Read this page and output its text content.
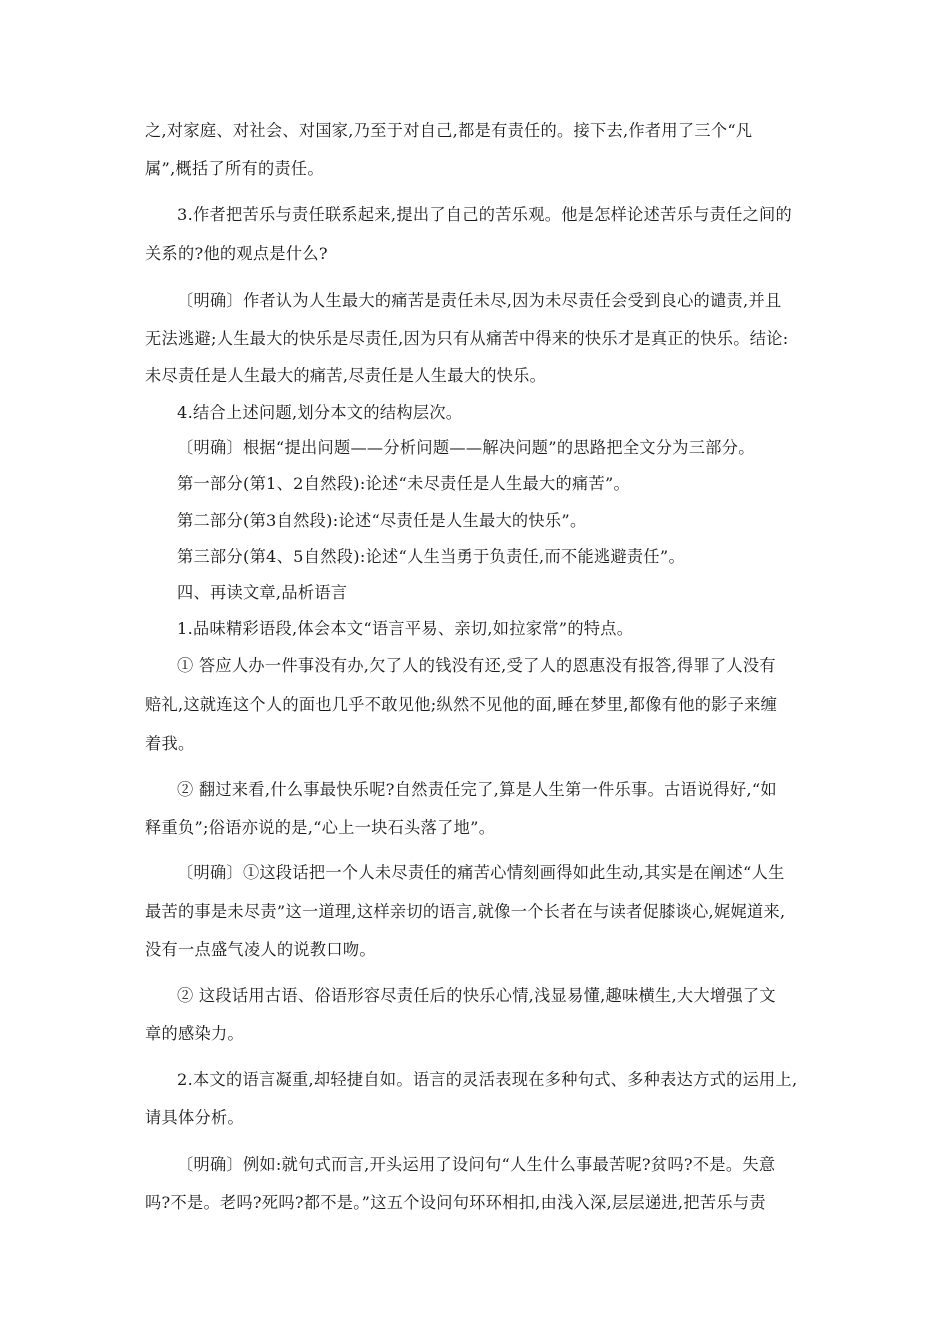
之,对家庭、对社会、对国家,乃至于对自己,都是有责任的。接下去,作者用了三个“凡
属”,概括了所有的责任。
3.作者把苦乐与责任联系起来,提出了自己的苦乐观。他是怎样论述苦乐与责任之间的
关系的?他的观点是什么?
〔明确〕作者认为人生最大的痛苦是责任未尽,因为未尽责任会受到良心的谴责,并且
无法逃避;人生最大的快乐是尽责任,因为只有从痛苦中得来的快乐才是真正的快乐。结论:
未尽责任是人生最大的痛苦,尽责任是人生最大的快乐。
4.结合上述问题,划分本文的结构层次。
〔明确〕根据“提出问题——分析问题——解决问题”的思路把全文分为三部分。
第一部分(第1、2自然段):论述“未尽责任是人生最大的痛苦”。
第二部分(第3自然段):论述“尽责任是人生最大的快乐”。
第三部分(第4、5自然段):论述“人生当勇于负责任,而不能逃避责任”。
四、再读文章,品析语言
1.品味精彩语段,体会本文“语言平易、亲切,如拉家常”的特点。
① 答应人办一件事没有办,欠了人的钱没有还,受了人的恩惠没有报答,得罪了人没有
赔礼,这就连这个人的面也几乎不敢见他;纵然不见他的面,睡在梦里,都像有他的影子来缠
着我。
② 翻过来看,什么事最快乐呢?自然责任完了,算是人生第一件乐事。古语说得好,“如
释重负”;俗语亦说的是,“心上一块石头落了地”。
〔明确〕①这段话把一个人未尽责任的痛苦心情刻画得如此生动,其实是在阐述“人生
最苦的事是未尽责”这一道理,这样亲切的语言,就像一个长者在与读者促膝谈心,娓娓道来,
没有一点盛气凌人的说教口吻。
② 这段话用古语、俗语形容尽责任后的快乐心情,浅显易懂,趣味横生,大大增强了文
章的感染力。
2.本文的语言凝重,却轻捷自如。语言的灵活表现在多种句式、多种表达方式的运用上,
请具体分析。
〔明确〕例如:就句式而言,开头运用了设问句“人生什么事最苦呢?贫吗?不是。失意
吗?不是。老吗?死吗?都不是。”这五个设问句环环相扣,由浅入深,层层递进,把苦乐与责
